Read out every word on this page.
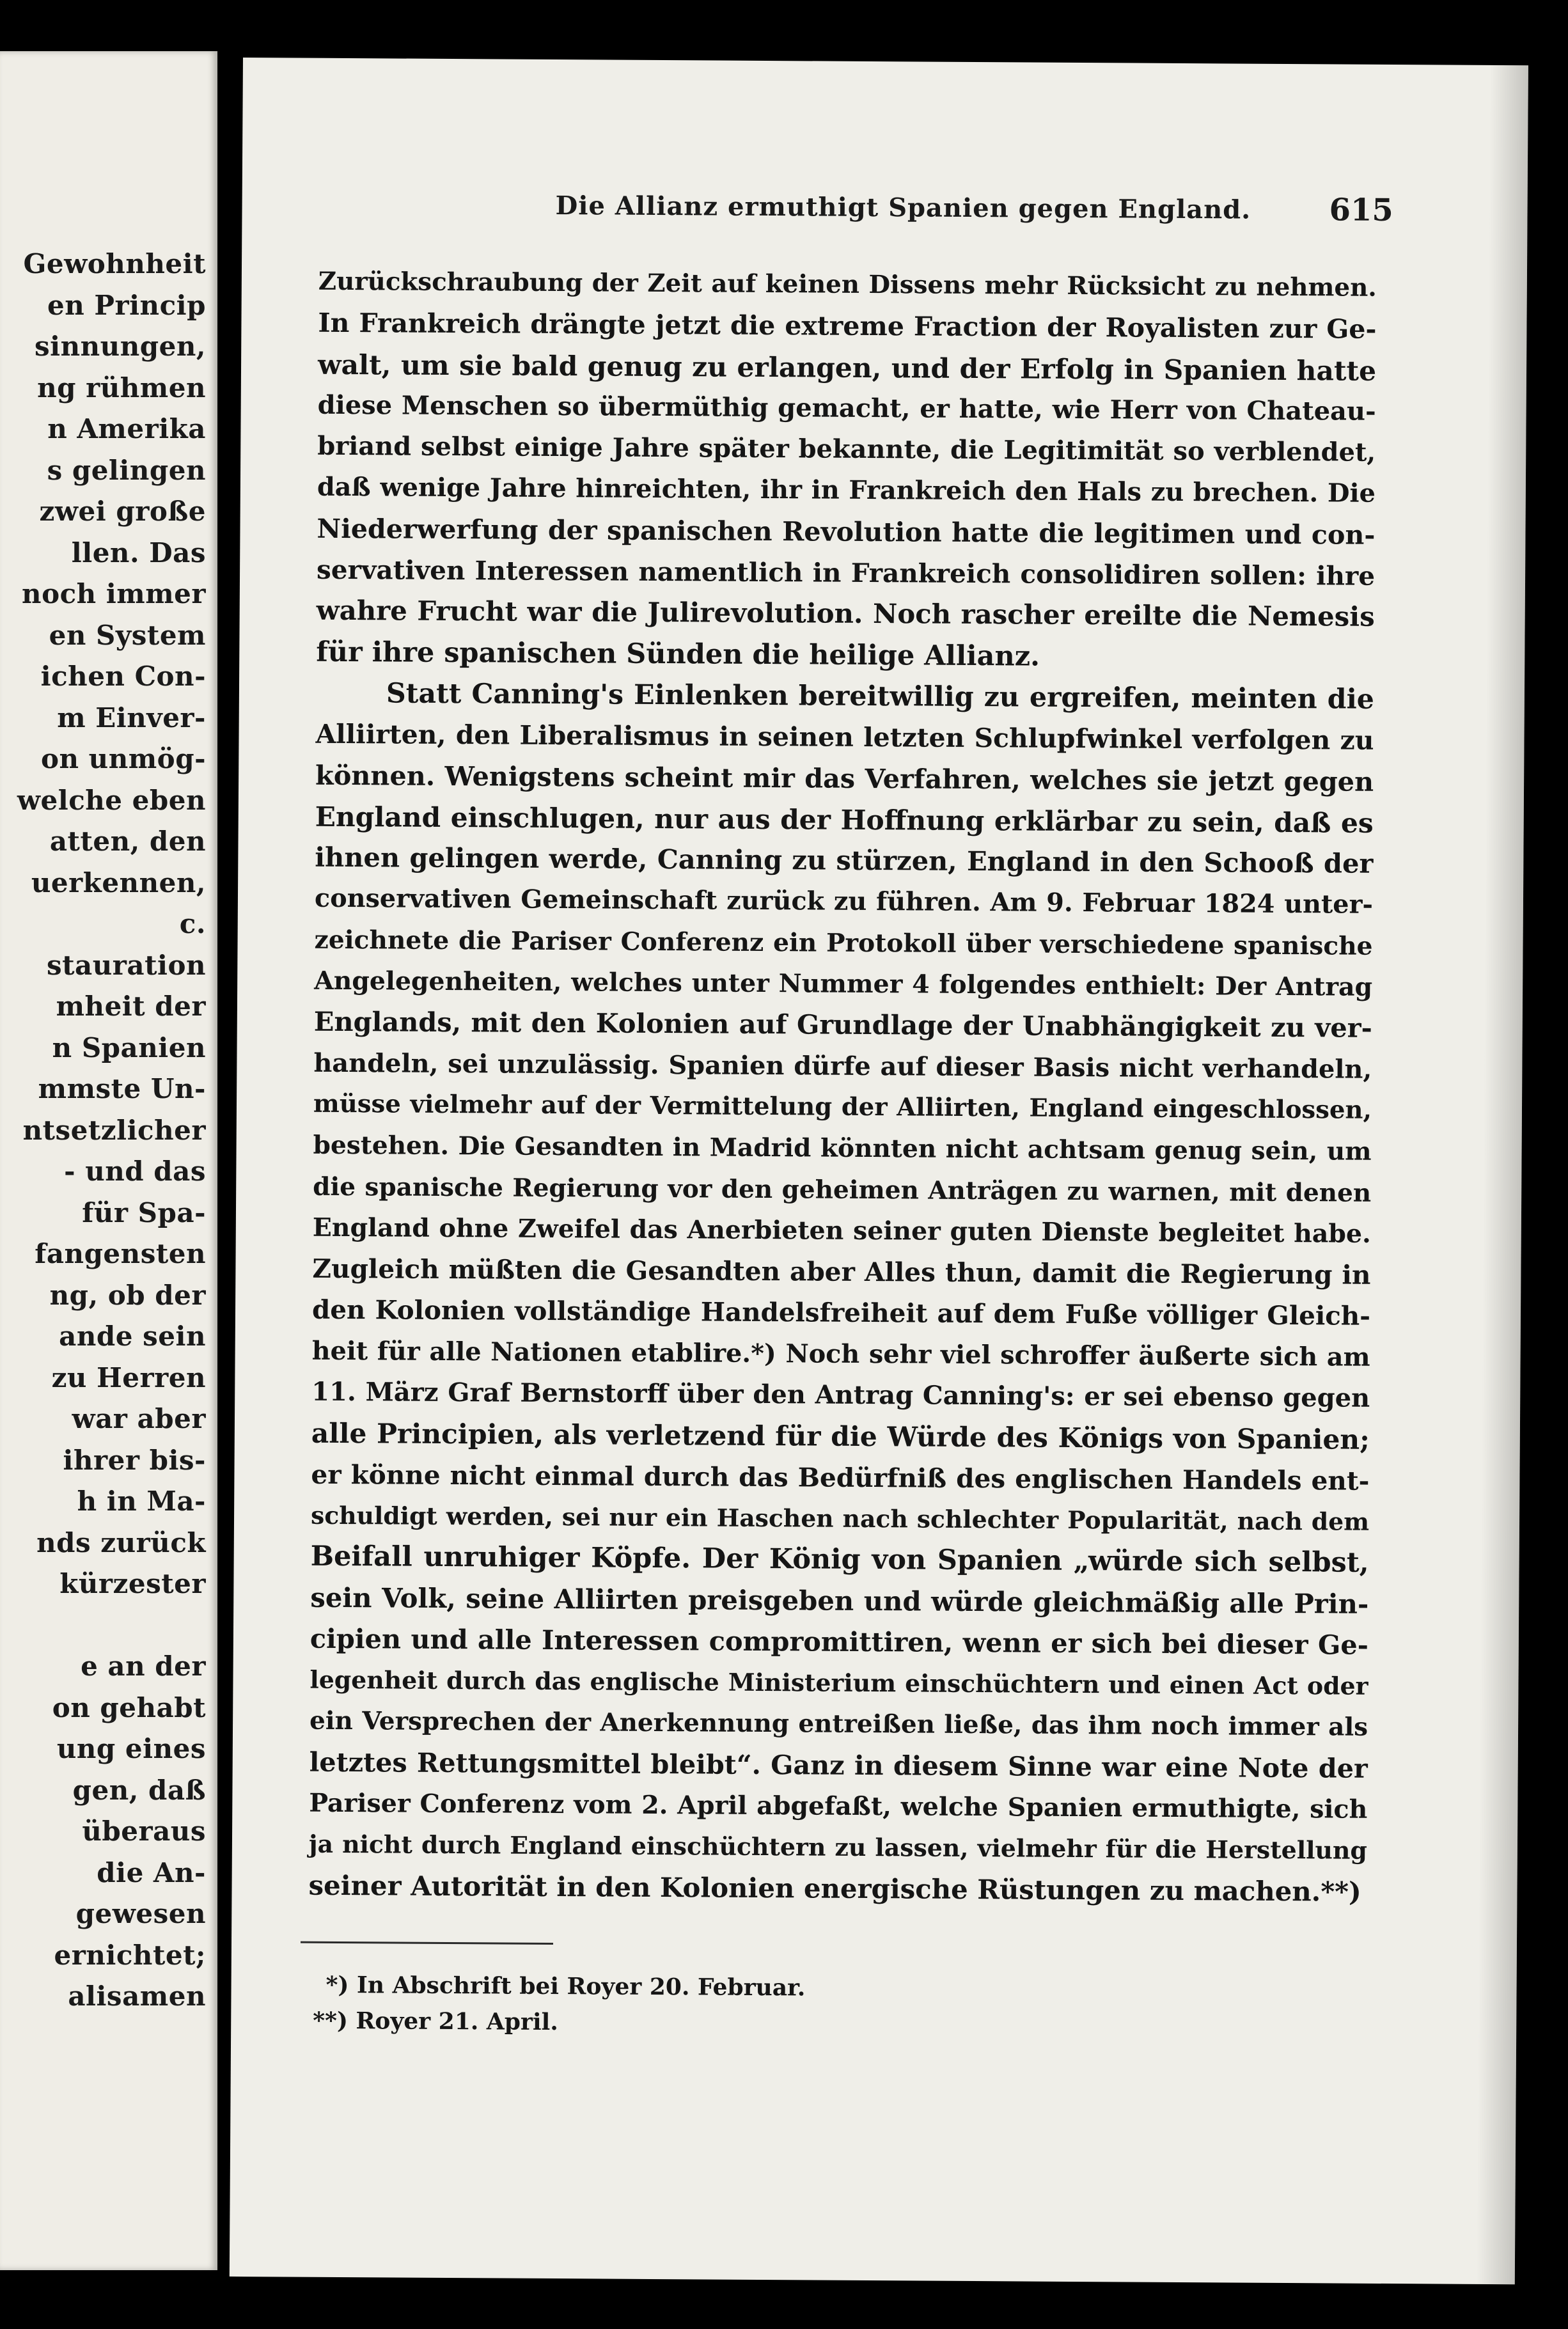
Gewohnheit
en Princip
sinnungen,
ng rühmen
n Amerika
s gelingen
zwei große
llen. Das
noch immer
en System
ichen Con-
m Einver-
on unmög-
welche eben
atten, den
uerkennen,
c.
stauration
mheit der
n Spanien
mmste Un-
ntsetzlicher
- und das
für Spa-
fangensten
ng, ob der
ande sein
zu Herren
war aber
ihrer bis-
h in Ma-
nds zurück
kürzester
e an der
on gehabt
ung eines
gen, daß
überaus
die An-
gewesen
ernichtet;
alisamen
Die Allianz ermuthigt Spanien gegen England.	615
Zurückschraubung der Zeit auf keinen Dissens mehr Rücksicht zu nehmen.
In Frankreich drängte jetzt die extreme Fraction der Royalisten zur Ge-
walt, um sie bald genug zu erlangen, und der Erfolg in Spanien hatte
diese Menschen so übermüthig gemacht, er hatte, wie Herr von Chateau-
briand selbst einige Jahre später bekannte, die Legitimität so verblendet,
daß wenige Jahre hinreichten, ihr in Frankreich den Hals zu brechen. Die
Niederwerfung der spanischen Revolution hatte die legitimen und con-
servativen Interessen namentlich in Frankreich consolidiren sollen: ihre
wahre Frucht war die Julirevolution. Noch rascher ereilte die Nemesis
für ihre spanischen Sünden die heilige Allianz.
Statt Canning's Einlenken bereitwillig zu ergreifen, meinten die
Alliirten, den Liberalismus in seinen letzten Schlupfwinkel verfolgen zu
können. Wenigstens scheint mir das Verfahren, welches sie jetzt gegen
England einschlugen, nur aus der Hoffnung erklärbar zu sein, daß es
ihnen gelingen werde, Canning zu stürzen, England in den Schooß der
conservativen Gemeinschaft zurück zu führen. Am 9. Februar 1824 unter-
zeichnete die Pariser Conferenz ein Protokoll über verschiedene spanische
Angelegenheiten, welches unter Nummer 4 folgendes enthielt: Der Antrag
Englands, mit den Kolonien auf Grundlage der Unabhängigkeit zu ver-
handeln, sei unzulässig. Spanien dürfe auf dieser Basis nicht verhandeln,
müsse vielmehr auf der Vermittelung der Alliirten, England eingeschlossen,
bestehen. Die Gesandten in Madrid könnten nicht achtsam genug sein, um
die spanische Regierung vor den geheimen Anträgen zu warnen, mit denen
England ohne Zweifel das Anerbieten seiner guten Dienste begleitet habe.
Zugleich müßten die Gesandten aber Alles thun, damit die Regierung in
den Kolonien vollständige Handelsfreiheit auf dem Fuße völliger Gleich-
heit für alle Nationen etablire.*) Noch sehr viel schroffer äußerte sich am
11. März Graf Bernstorff über den Antrag Canning's: er sei ebenso gegen
alle Principien, als verletzend für die Würde des Königs von Spanien;
er könne nicht einmal durch das Bedürfniß des englischen Handels ent-
schuldigt werden, sei nur ein Haschen nach schlechter Popularität, nach dem
Beifall unruhiger Köpfe. Der König von Spanien „würde sich selbst,
sein Volk, seine Alliirten preisgeben und würde gleichmäßig alle Prin-
cipien und alle Interessen compromittiren, wenn er sich bei dieser Ge-
legenheit durch das englische Ministerium einschüchtern und einen Act oder
ein Versprechen der Anerkennung entreißen ließe, das ihm noch immer als
letztes Rettungsmittel bleibt“. Ganz in diesem Sinne war eine Note der
Pariser Conferenz vom 2. April abgefaßt, welche Spanien ermuthigte, sich
ja nicht durch England einschüchtern zu lassen, vielmehr für die Herstellung
seiner Autorität in den Kolonien energische Rüstungen zu machen.**)
*) In Abschrift bei Royer 20. Februar.
**) Royer 21. April.
